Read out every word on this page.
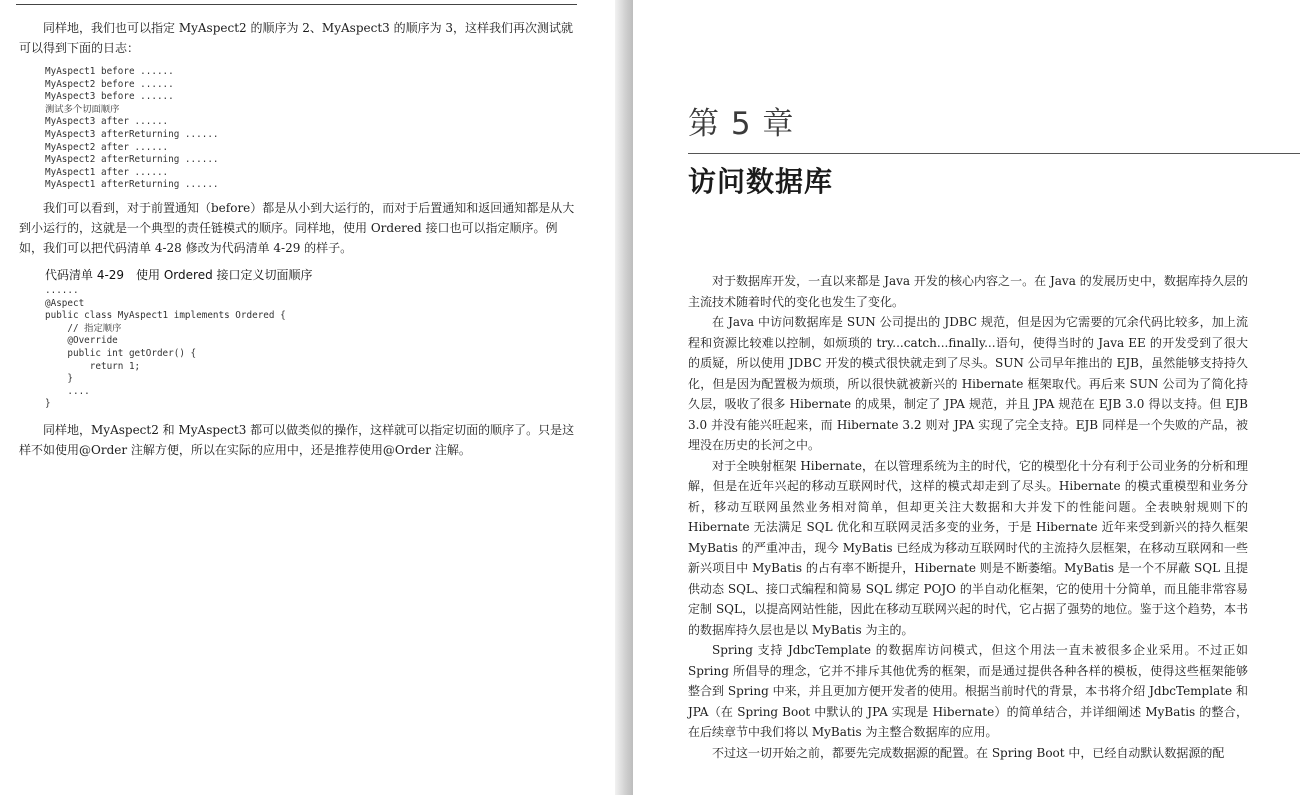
同样地，我们也可以指定 MyAspect2 的顺序为 2、MyAspect3 的顺序为 3，这样我们再次测试就可以得到下面的日志：

MyAspect1 before ......
MyAspect2 before ......
MyAspect3 before ......
测试多个切面顺序
MyAspect3 after ......
MyAspect3 afterReturning ......
MyAspect2 after ......
MyAspect2 afterReturning ......
MyAspect1 after ......
MyAspect1 afterReturning ......

我们可以看到，对于前置通知（before）都是从小到大运行的，而对于后置通知和返回通知都是从大到小运行的，这就是一个典型的责任链模式的顺序。同样地，使用 Ordered 接口也可以指定顺序。例如，我们可以把代码清单 4-28 修改为代码清单 4-29 的样子。

代码清单 4-29　使用 Ordered 接口定义切面顺序
......
@Aspect
public class MyAspect1 implements Ordered {
// 指定顺序
@Override
public int getOrder() {
return 1;
}
....
}

同样地，MyAspect2 和 MyAspect3 都可以做类似的操作，这样就可以指定切面的顺序了。只是这样不如使用@Order 注解方便，所以在实际的应用中，还是推荐使用@Order 注解。

第 5 章
访问数据库

对于数据库开发，一直以来都是 Java 开发的核心内容之一。在 Java 的发展历史中，数据库持久层的主流技术随着时代的变化也发生了变化。

在 Java 中访问数据库是 SUN 公司提出的 JDBC 规范，但是因为它需要的冗余代码比较多，加上流程和资源比较难以控制，如烦琐的 try...catch...finally...语句，使得当时的 Java EE 的开发受到了很大的质疑，所以使用 JDBC 开发的模式很快就走到了尽头。SUN 公司早年推出的 EJB，虽然能够支持持久化，但是因为配置极为烦琐，所以很快就被新兴的 Hibernate 框架取代。再后来 SUN 公司为了简化持久层，吸收了很多 Hibernate 的成果，制定了 JPA 规范，并且 JPA 规范在 EJB 3.0 得以支持。但 EJB 3.0 并没有能兴旺起来，而 Hibernate 3.2 则对 JPA 实现了完全支持。EJB 同样是一个失败的产品，被埋没在历史的长河之中。

对于全映射框架 Hibernate，在以管理系统为主的时代，它的模型化十分有利于公司业务的分析和理解，但是在近年兴起的移动互联网时代，这样的模式却走到了尽头。Hibernate 的模式重模型和业务分析，移动互联网虽然业务相对简单，但却更关注大数据和大并发下的性能问题。全表映射规则下的 Hibernate 无法满足 SQL 优化和互联网灵活多变的业务，于是 Hibernate 近年来受到新兴的持久框架 MyBatis 的严重冲击，现今 MyBatis 已经成为移动互联网时代的主流持久层框架，在移动互联网和一些新兴项目中 MyBatis 的占有率不断提升，Hibernate 则是不断萎缩。MyBatis 是一个不屏蔽 SQL 且提供动态 SQL、接口式编程和简易 SQL 绑定 POJO 的半自动化框架，它的使用十分简单，而且能非常容易定制 SQL，以提高网站性能，因此在移动互联网兴起的时代，它占据了强势的地位。鉴于这个趋势，本书的数据库持久层也是以 MyBatis 为主的。

Spring 支持 JdbcTemplate 的数据库访问模式，但这个用法一直未被很多企业采用。不过正如 Spring 所倡导的理念，它并不排斥其他优秀的框架，而是通过提供各种各样的模板，使得这些框架能够整合到 Spring 中来，并且更加方便开发者的使用。根据当前时代的背景，本书将介绍 JdbcTemplate 和 JPA（在 Spring Boot 中默认的 JPA 实现是 Hibernate）的简单结合，并详细阐述 MyBatis 的整合，在后续章节中我们将以 MyBatis 为主整合数据库的应用。

不过这一切开始之前，都要先完成数据源的配置。在 Spring Boot 中，已经自动默认数据源的配
